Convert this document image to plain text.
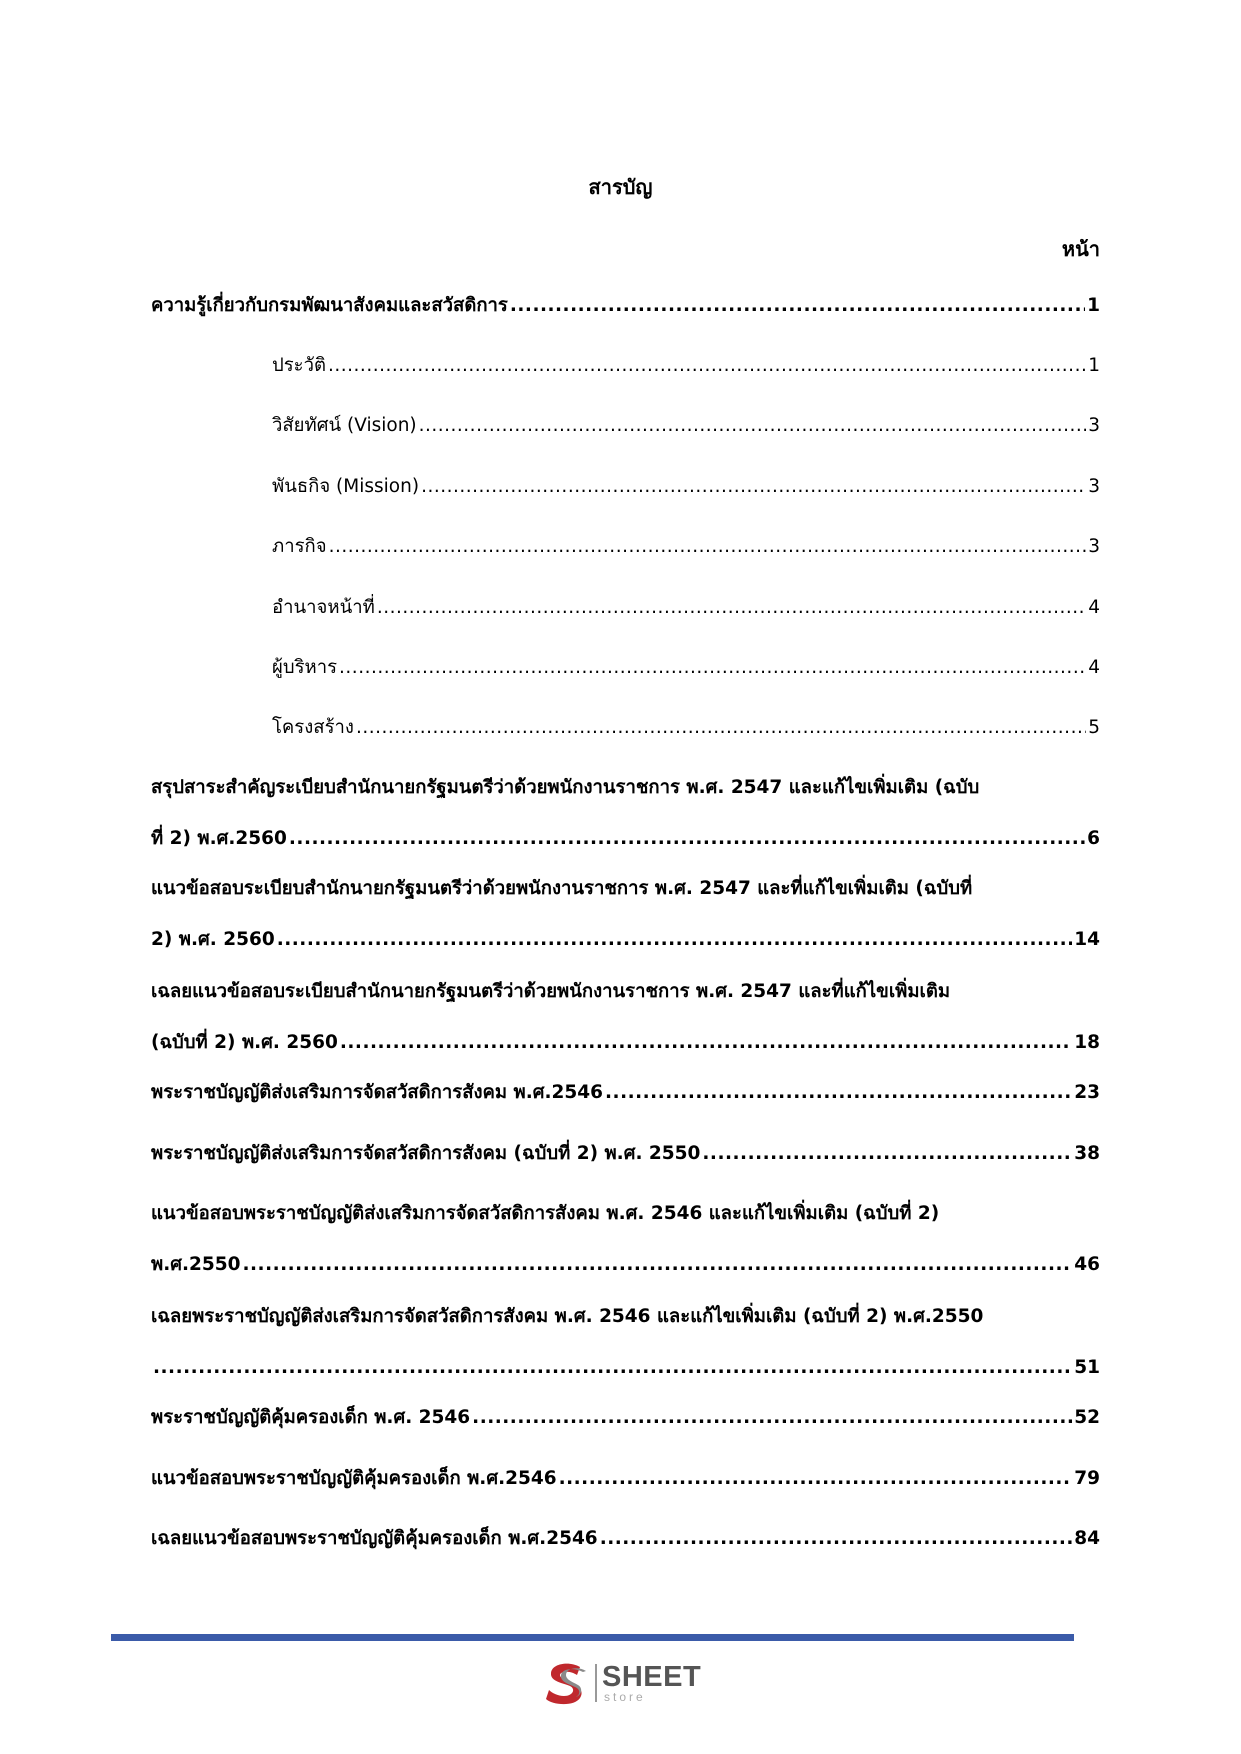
สารบัญ
หน้า
ความรู้เกี่ยวกับกรมพัฒนาสังคมและสวัสดิการ .....	1
ประวัติ .....	1
วิสัยทัศน์ (Vision) .....	3
พันธกิจ (Mission) .....	3
ภารกิจ .....	3
อำนาจหน้าที่ .....	4
ผู้บริหาร .....	4
โครงสร้าง .....	5
สรุปสาระสำคัญระเบียบสำนักนายกรัฐมนตรีว่าด้วยพนักงานราชการ พ.ศ. 2547 และแก้ไขเพิ่มเติม (ฉบับ
ที่ 2) พ.ศ.2560 .....	6
แนวข้อสอบระเบียบสำนักนายกรัฐมนตรีว่าด้วยพนักงานราชการ พ.ศ. 2547 และที่แก้ไขเพิ่มเติม (ฉบับที่
2) พ.ศ. 2560 .....	14
เฉลยแนวข้อสอบระเบียบสำนักนายกรัฐมนตรีว่าด้วยพนักงานราชการ พ.ศ. 2547 และที่แก้ไขเพิ่มเติม
(ฉบับที่ 2) พ.ศ. 2560 .....	18
พระราชบัญญัติส่งเสริมการจัดสวัสดิการสังคม พ.ศ.2546 .....	23
พระราชบัญญัติส่งเสริมการจัดสวัสดิการสังคม (ฉบับที่ 2) พ.ศ. 2550 .....	38
แนวข้อสอบพระราชบัญญัติส่งเสริมการจัดสวัสดิการสังคม พ.ศ. 2546 และแก้ไขเพิ่มเติม (ฉบับที่ 2)
พ.ศ.2550 .....	46
เฉลยพระราชบัญญัติส่งเสริมการจัดสวัสดิการสังคม พ.ศ. 2546 และแก้ไขเพิ่มเติม (ฉบับที่ 2) พ.ศ.2550
.....
51
พระราชบัญญัติคุ้มครองเด็ก พ.ศ. 2546 .....	52
แนวข้อสอบพระราชบัญญัติคุ้มครองเด็ก พ.ศ.2546 .....	79
เฉลยแนวข้อสอบพระราชบัญญัติคุ้มครองเด็ก พ.ศ.2546 .....	84
SHEET
store
